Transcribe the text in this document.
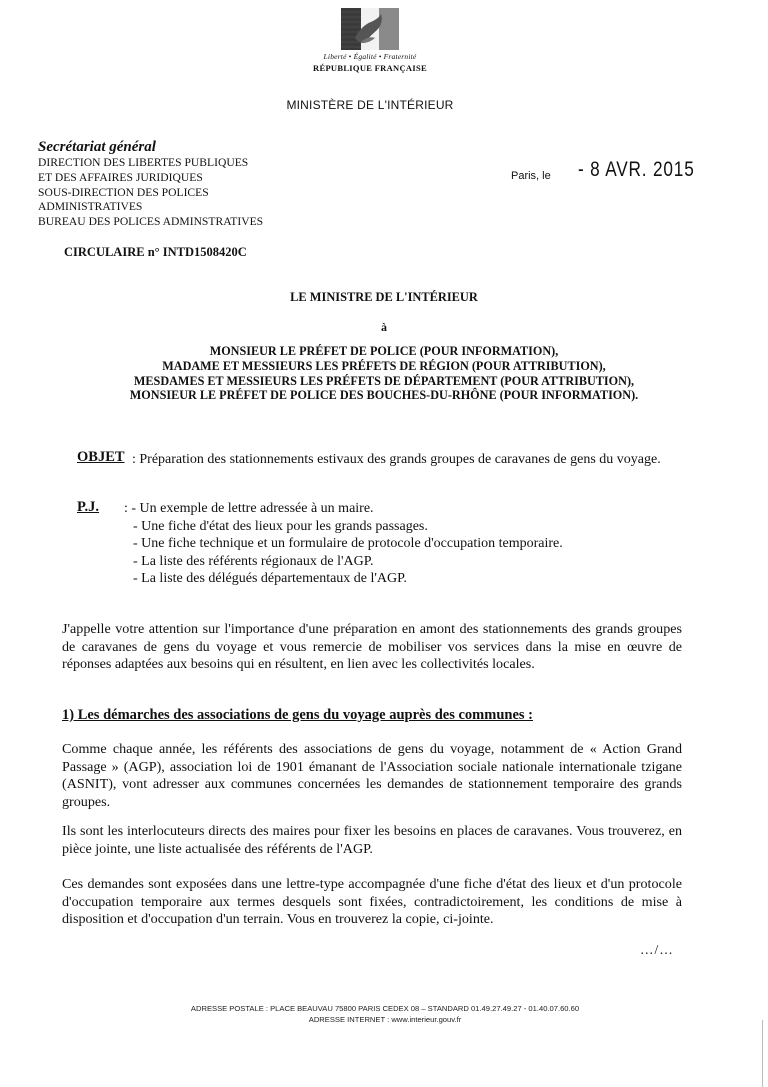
Liberté • Égalité • Fraternité
RÉPUBLIQUE FRANÇAISE
MINISTÈRE DE L'INTÉRIEUR
Secrétariat général
DIRECTION DES LIBERTES PUBLIQUES
ET DES AFFAIRES JURIDIQUES
SOUS-DIRECTION DES POLICES
ADMINISTRATIVES
BUREAU DES POLICES ADMINSTRATIVES
Paris, le - 8 AVR. 2015
CIRCULAIRE n° INTD1508420C
LE MINISTRE DE L'INTÉRIEUR
à
MONSIEUR LE PRÉFET DE POLICE (POUR INFORMATION),
MADAME ET MESSIEURS LES PRÉFETS DE RÉGION (POUR ATTRIBUTION),
MESDAMES ET MESSIEURS LES PRÉFETS DE DÉPARTEMENT (POUR ATTRIBUTION),
MONSIEUR LE PRÉFET DE POLICE DES BOUCHES-DU-RHÔNE (POUR INFORMATION).
OBJET : Préparation des stationnements estivaux des grands groupes de caravanes de gens du voyage.
P.J. : - Un exemple de lettre adressée à un maire.
- Une fiche d'état des lieux pour les grands passages.
- Une fiche technique et un formulaire de protocole d'occupation temporaire.
- La liste des référents régionaux de l'AGP.
- La liste des délégués départementaux de l'AGP.
J'appelle votre attention sur l'importance d'une préparation en amont des stationnements des grands groupes de caravanes de gens du voyage et vous remercie de mobiliser vos services dans la mise en œuvre de réponses adaptées aux besoins qui en résultent, en lien avec les collectivités locales.
1) Les démarches des associations de gens du voyage auprès des communes :
Comme chaque année, les référents des associations de gens du voyage, notamment de « Action Grand Passage » (AGP), association loi de 1901 émanant de l'Association sociale nationale internationale tzigane (ASNIT), vont adresser aux communes concernées les demandes de stationnement temporaire des grands groupes.
Ils sont les interlocuteurs directs des maires pour fixer les besoins en places de caravanes. Vous trouverez, en pièce jointe, une liste actualisée des référents de l'AGP.
Ces demandes sont exposées dans une lettre-type accompagnée d'une fiche d'état des lieux et d'un protocole d'occupation temporaire aux termes desquels sont fixées, contradictoirement, les conditions de mise à disposition et d'occupation d'un terrain. Vous en trouverez la copie, ci-jointe.
…/…
ADRESSE POSTALE : PLACE BEAUVAU 75800 PARIS CEDEX 08 – STANDARD 01.49.27.49.27 - 01.40.07.60.60
ADRESSE INTERNET : www.interieur.gouv.fr
